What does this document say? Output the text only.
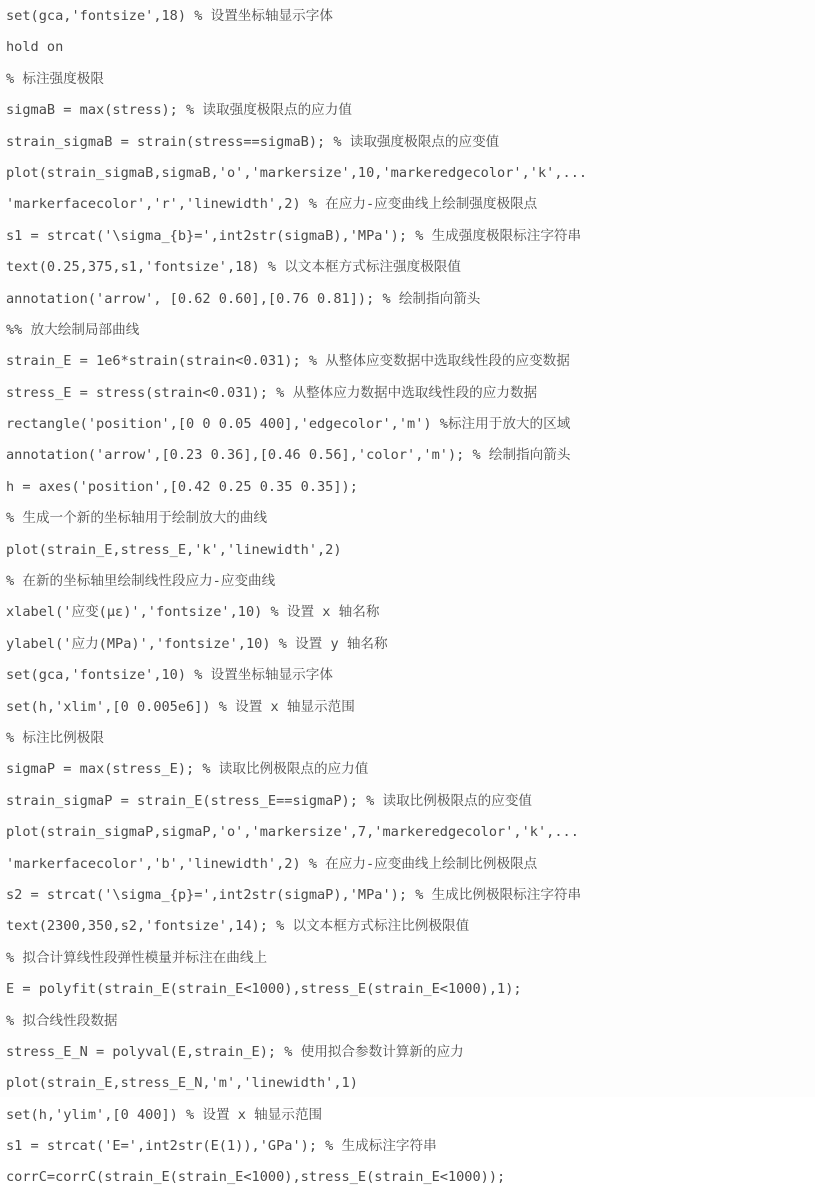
set(gca,'fontsize',18) % 设置坐标轴显示字体
hold on
% 标注强度极限
sigmaB = max(stress); % 读取强度极限点的应力值
strain_sigmaB = strain(stress==sigmaB); % 读取强度极限点的应变值
plot(strain_sigmaB,sigmaB,'o','markersize',10,'markeredgecolor','k',...
'markerfacecolor','r','linewidth',2) % 在应力-应变曲线上绘制强度极限点
s1 = strcat('\sigma_{b}=',int2str(sigmaB),'MPa'); % 生成强度极限标注字符串
text(0.25,375,s1,'fontsize',18) % 以文本框方式标注强度极限值
annotation('arrow', [0.62 0.60],[0.76 0.81]); % 绘制指向箭头
%% 放大绘制局部曲线
strain_E = 1e6*strain(strain<0.031); % 从整体应变数据中选取线性段的应变数据
stress_E = stress(strain<0.031); % 从整体应力数据中选取线性段的应力数据
rectangle('position',[0 0 0.05 400],'edgecolor','m') %标注用于放大的区域
annotation('arrow',[0.23 0.36],[0.46 0.56],'color','m'); % 绘制指向箭头
h = axes('position',[0.42 0.25 0.35 0.35]);
% 生成一个新的坐标轴用于绘制放大的曲线
plot(strain_E,stress_E,'k','linewidth',2)
% 在新的坐标轴里绘制线性段应力-应变曲线
xlabel('应变(με)','fontsize',10) % 设置 x 轴名称
ylabel('应力(MPa)','fontsize',10) % 设置 y 轴名称
set(gca,'fontsize',10) % 设置坐标轴显示字体
set(h,'xlim',[0 0.005e6]) % 设置 x 轴显示范围
% 标注比例极限
sigmaP = max(stress_E); % 读取比例极限点的应力值
strain_sigmaP = strain_E(stress_E==sigmaP); % 读取比例极限点的应变值
plot(strain_sigmaP,sigmaP,'o','markersize',7,'markeredgecolor','k',...
'markerfacecolor','b','linewidth',2) % 在应力-应变曲线上绘制比例极限点
s2 = strcat('\sigma_{p}=',int2str(sigmaP),'MPa'); % 生成比例极限标注字符串
text(2300,350,s2,'fontsize',14); % 以文本框方式标注比例极限值
% 拟合计算线性段弹性模量并标注在曲线上
E = polyfit(strain_E(strain_E<1000),stress_E(strain_E<1000),1);
% 拟合线性段数据
stress_E_N = polyval(E,strain_E); % 使用拟合参数计算新的应力
plot(strain_E,stress_E_N,'m','linewidth',1)
set(h,'ylim',[0 400]) % 设置 x 轴显示范围
s1 = strcat('E=',int2str(E(1)),'GPa'); % 生成标注字符串
corrC=corrC(strain_E(strain_E<1000),stress_E(strain_E<1000));
